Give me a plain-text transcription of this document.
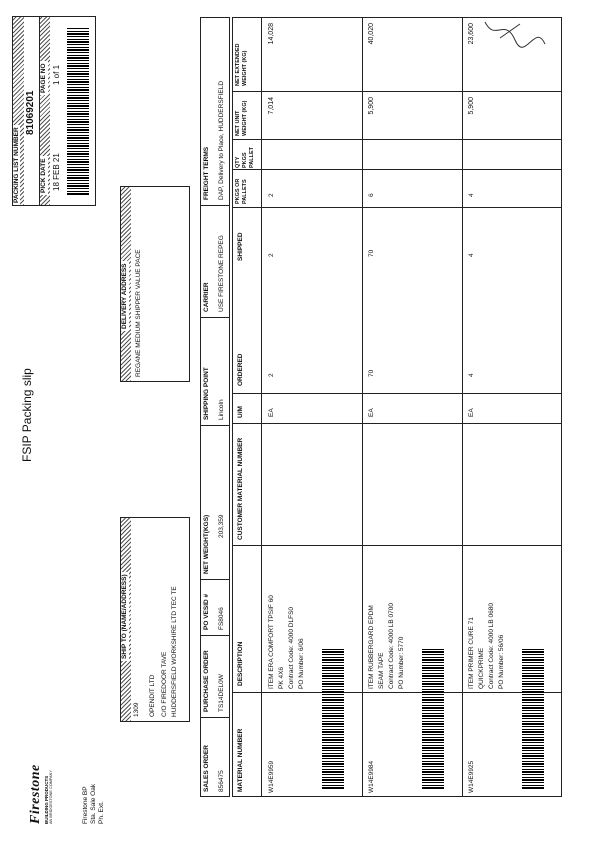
FSIP Packing slip
Firestone BUILDING PRODUCTS AN BRIDGESTONE COMPANY	Firestone BP Sta. Sale Oak Ph. Ext.
PACKING LIST NUMBER
81069201
PICK DATE
PAGE NO
18 FEB 21
1 of 1
SHIP TO (NAME/ADDRESS)
1309 OPENDIT LTD C/O FIREDOOR TAVE HUDDERSFIELD WORKSHIRE LTD TEC TE
DELIVERY ADDRESS REGANE MEDIUM SHIPPER VALUE PACE
SALES ORDER 856475
PURCHASE ORDER TS14DEL0W
PO VESID # FS8046
NET WEIGHT(KGS) 203,359
SHIPPING POINT Lincoln
CARRIER USE FIRESTONE REPEG
FREIGHT TERMS DAP, Delivery to Place, HUDDERSFIELD
MATERIAL NUMBER
DESCRIPTION
CUSTOMER MATERIAL NUMBER
U/M
ORDERED
SHIPPED
PKGS OR PALLETS
QTY PKGS PALLET
NET UNIT WEIGHT (KG)
NET EXTENDED WEIGHT (KG)
W14E9959
ITEM ERA COMFORT TPSIF 60 PK 4X6 Contract Code: 4000 DLFS0 PO Number: 6/06
EA
2
2
2
7,014
14,028
W14E9984
ITEM RUBBERGARD EPDM SEAM TAPE Contract Code: 4000 LB 0700 PO Number: 5770
EA
70
70
6
5,900
40,020
W14E9925
ITEM PRIMER CURE 71 QUICKPRIME Contract Code: 4000 LB 0680 PO Number: 56/06
EA
4
4
4
5,900
23,600
